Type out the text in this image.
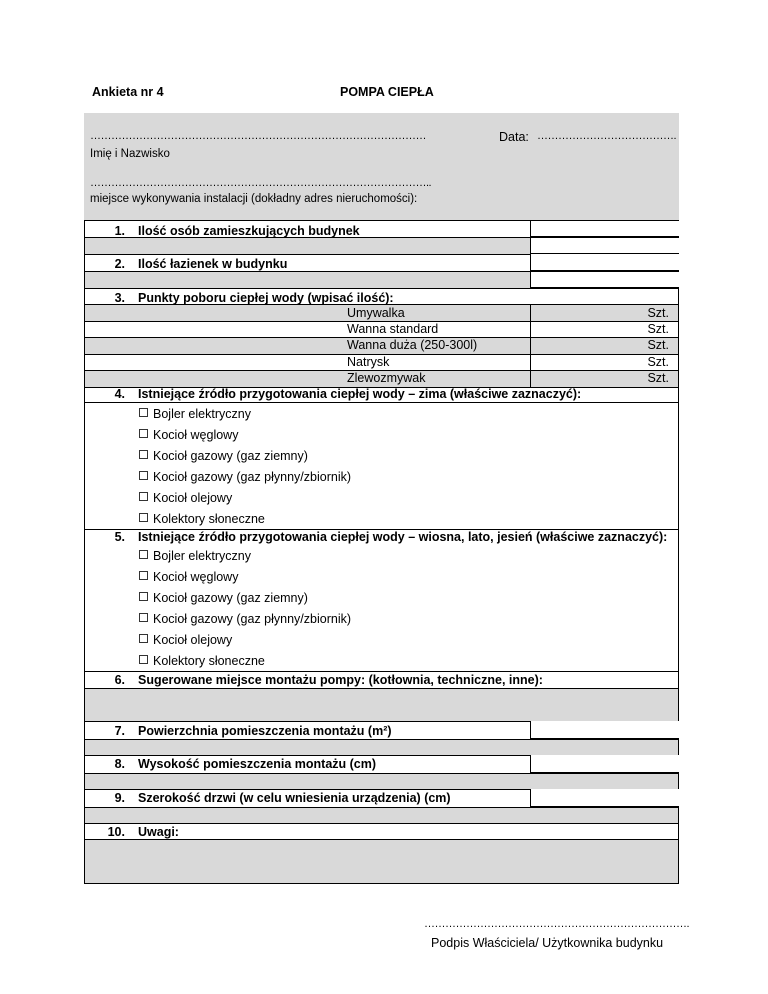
Ankieta nr 4	POMPA CIEPŁA
……………………………………………………………………………………
Imię i Nazwisko
Data: ………………………………….
……………………………………………………………………………………..
miejsce wykonywania instalacji (dokładny adres nieruchomości):
1. Ilość osób zamieszkujących budynek
2. Ilość łazienek w budynku
3. Punkty poboru ciepłej wody (wpisać ilość):
Umywalka	Szt.
Wanna standard	Szt.
Wanna duża (250-300l)	Szt.
Natrysk	Szt.
Zlewozmywak	Szt.
4. Istniejące źródło przygotowania ciepłej wody – zima (właściwe zaznaczyć):
Bojler elektryczny
Kocioł węglowy
Kocioł gazowy (gaz ziemny)
Kocioł gazowy (gaz płynny/zbiornik)
Kocioł olejowy
Kolektory słoneczne
5. Istniejące źródło przygotowania ciepłej wody – wiosna, lato, jesień (właściwe zaznaczyć):
Bojler elektryczny
Kocioł węglowy
Kocioł gazowy (gaz ziemny)
Kocioł gazowy (gaz płynny/zbiornik)
Kocioł olejowy
Kolektory słoneczne
6. Sugerowane miejsce montażu pompy: (kotłownia, techniczne, inne):
7. Powierzchnia pomieszczenia montażu (m²)
8. Wysokość pomieszczenia montażu (cm)
9. Szerokość drzwi (w celu wniesienia urządzenia) (cm)
10. Uwagi:
………………………………………………………………….
Podpis Właściciela/ Użytkownika budynku
